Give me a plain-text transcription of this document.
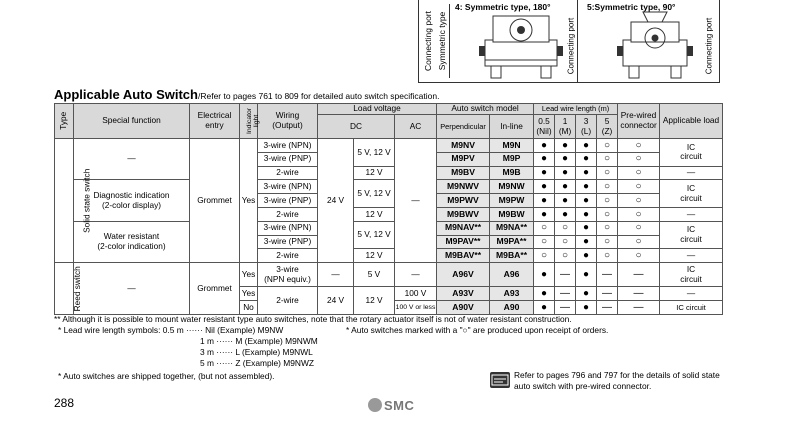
Connecting port Symmetric type
4: Symmetric type, 180°	5:Symmetric type, 90°
Connecting port	Connecting port
Applicable Auto Switch/Refer to pages 761 to 809 for detailed auto switch specification.
Type	Special function	Electrical
entry	Indicator
light	Wiring
(Output)	Load voltage			Auto switch model		Lead wire length (m)				Pre-wired
connector	Applicable load	
					DC		AC	Perpendicular	In-line	0.5
(Nil)	1
(M)	3
(L)	5
(Z)			

Solid state switch	—	Grommet	Yes	3-wire (NPN)	24 V	5 V, 12 V	—	M9NV	M9N	●	●	●	○	○	IC
circuit	

				3-wire (PNP)				M9PV	M9P	●	●	●	○	○		
				2-wire		12 V		M9BV	M9B	●	●	●	○	○	—	
	Diagnostic indication
(2-color display)			3-wire (NPN)		5 V, 12 V		M9NWV	M9NW	●	●	●	○	○	IC
circuit	
				3-wire (PNP)				M9PWV	M9PW	●	●	●	○	○		
				2-wire		12 V		M9BWV	M9BW	●	●	●	○	○	—	
	Water resistant
(2-color indication)			3-wire (NPN)		5 V, 12 V		M9NAV**	M9NA**	○	○	●	○	○	IC
circuit	
				3-wire (PNP)				M9PAV**	M9PA**	○	○	●	○	○		
				2-wire		12 V		M9BAV**	M9BA**	○	○	●	○	○	—	
Reed switch	—	Grommet	Yes	3-wire
(NPN equiv.)	—	5 V	—	A96V	A96	●	—	●	—	—	IC
circuit	
			Yes	2-wire	24 V	12 V	100 V	A93V	A93	●	—	●	—	—	—	

			No				100 V or less	A90V	A90	●	—	●	—	—	IC circuit	
** Although it is possible to mount water resistant type auto switches, note that the rotary actuator itself is not of water resistant construction.
* Lead wire length symbols: 0.5 m ······ Nil (Example) M9NW
1 m ······ M (Example) M9NWM
3 m ······ L (Example) M9NWL
5 m ······ Z (Example) M9NWZ
* Auto switches marked with a "○" are produced upon receipt of orders.
* Auto switches are shipped together, (but not assembled).	Refer to pages 796 and 797 for the details of solid state auto switch with pre-wired connector.
288	SMC
